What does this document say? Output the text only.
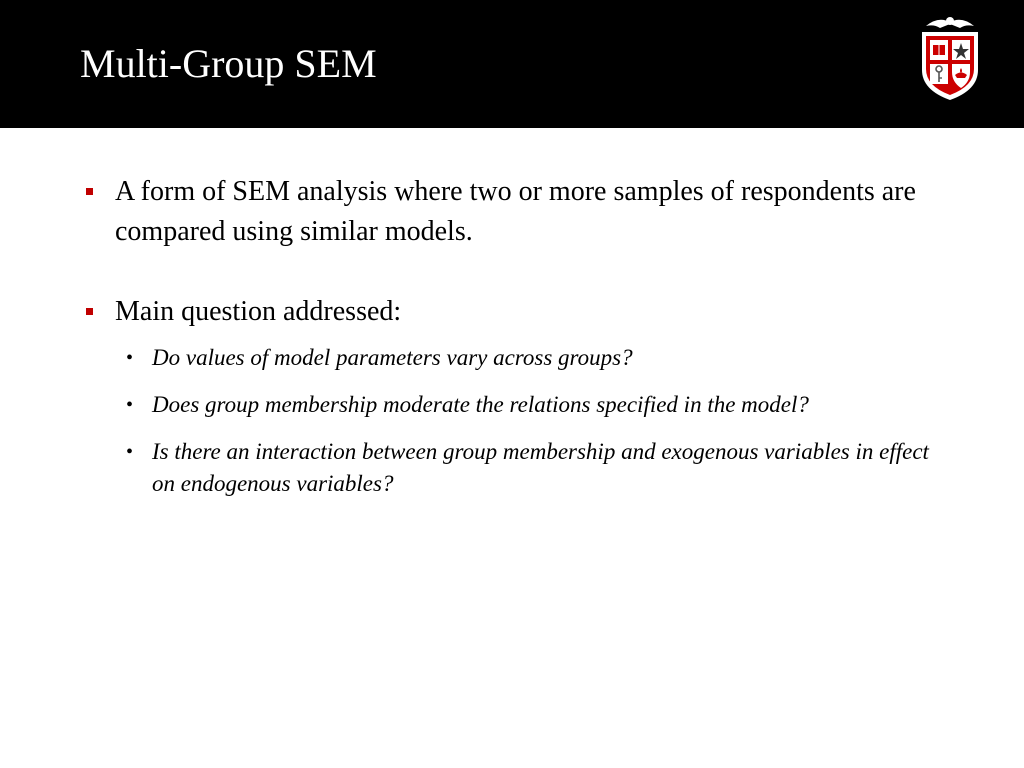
Multi-Group SEM
A form of SEM analysis where two or more samples of respondents are compared using similar models.
Main question addressed:
• Do values of model parameters vary across groups?
• Does group membership moderate the relations specified in the model?
• Is there an interaction between group membership and exogenous variables in effect on endogenous variables?
